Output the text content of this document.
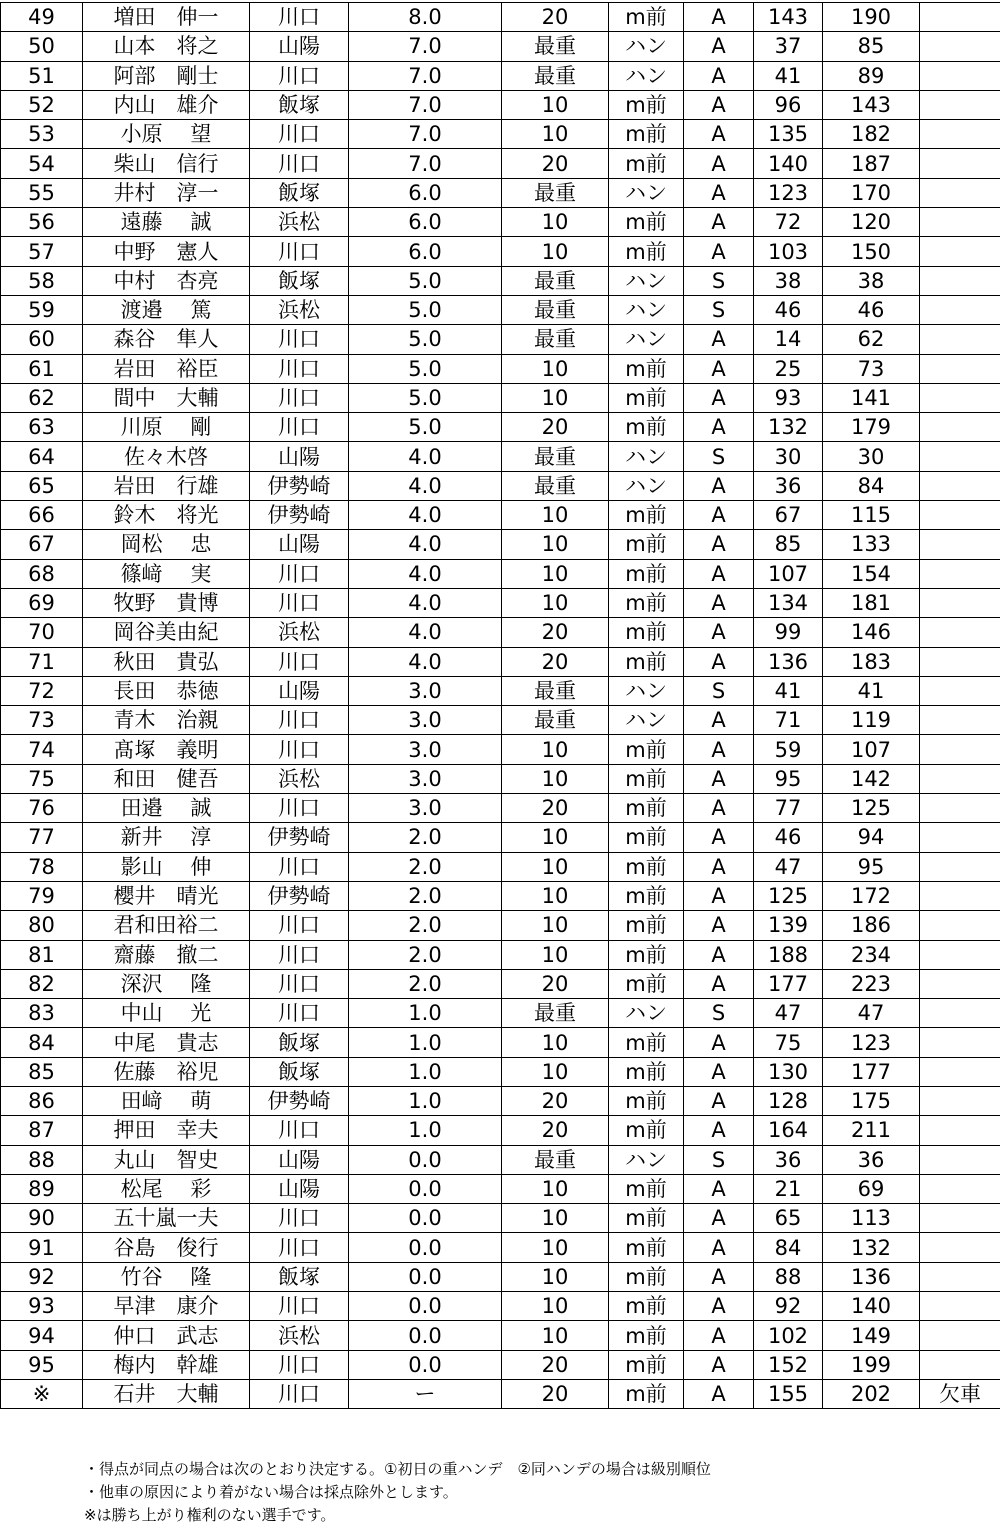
49	増田　伸一	川口	8.0	20	m前	A	143	190	
50	山本　将之	山陽	7.0	最重	ハン	A	37	85	
51	阿部　剛士	川口	7.0	最重	ハン	A	41	89	
52	内山　雄介	飯塚	7.0	10	m前	A	96	143	
53	小原　 望	川口	7.0	10	m前	A	135	182	
54	柴山　信行	川口	7.0	20	m前	A	140	187	
55	井村　淳一	飯塚	6.0	最重	ハン	A	123	170	
56	遠藤　 誠	浜松	6.0	10	m前	A	72	120	
57	中野　憲人	川口	6.0	10	m前	A	103	150	
58	中村　杏亮	飯塚	5.0	最重	ハン	S	38	38	
59	渡邉　 篤	浜松	5.0	最重	ハン	S	46	46	
60	森谷　隼人	川口	5.0	最重	ハン	A	14	62	
61	岩田　裕臣	川口	5.0	10	m前	A	25	73	
62	間中　大輔	川口	5.0	10	m前	A	93	141	
63	川原　 剛	川口	5.0	20	m前	A	132	179	
64	佐々木啓	山陽	4.0	最重	ハン	S	30	30	
65	岩田　行雄	伊勢崎	4.0	最重	ハン	A	36	84	
66	鈴木　将光	伊勢崎	4.0	10	m前	A	67	115	
67	岡松　 忠	山陽	4.0	10	m前	A	85	133	
68	篠﨑　 実	川口	4.0	10	m前	A	107	154	
69	牧野　貴博	川口	4.0	10	m前	A	134	181	
70	岡谷美由紀	浜松	4.0	20	m前	A	99	146	
71	秋田　貴弘	川口	4.0	20	m前	A	136	183	
72	長田　恭徳	山陽	3.0	最重	ハン	S	41	41	
73	青木　治親	川口	3.0	最重	ハン	A	71	119	
74	髙塚　義明	川口	3.0	10	m前	A	59	107	
75	和田　健吾	浜松	3.0	10	m前	A	95	142	
76	田邉　 誠	川口	3.0	20	m前	A	77	125	
77	新井　 淳	伊勢崎	2.0	10	m前	A	46	94	
78	影山　 伸	川口	2.0	10	m前	A	47	95	
79	櫻井　晴光	伊勢崎	2.0	10	m前	A	125	172	
80	君和田裕二	川口	2.0	10	m前	A	139	186	
81	齋藤　撤二	川口	2.0	10	m前	A	188	234	
82	深沢　 隆	川口	2.0	20	m前	A	177	223	
83	中山　 光	川口	1.0	最重	ハン	S	47	47	
84	中尾　貴志	飯塚	1.0	10	m前	A	75	123	
85	佐藤　裕児	飯塚	1.0	10	m前	A	130	177	
86	田﨑　 萌	伊勢崎	1.0	20	m前	A	128	175	
87	押田　幸夫	川口	1.0	20	m前	A	164	211	
88	丸山　智史	山陽	0.0	最重	ハン	S	36	36	
89	松尾　 彩	山陽	0.0	10	m前	A	21	69	
90	五十嵐一夫	川口	0.0	10	m前	A	65	113	
91	谷島　俊行	川口	0.0	10	m前	A	84	132	
92	竹谷　 隆	飯塚	0.0	10	m前	A	88	136	
93	早津　康介	川口	0.0	10	m前	A	92	140	
94	仲口　武志	浜松	0.0	10	m前	A	102	149	
95	梅内　幹雄	川口	0.0	20	m前	A	152	199	
※	石井　大輔	川口	ー	20	m前	A	155	202	欠車
・得点が同点の場合は次のとおり決定する。①初日の重ハンデ　②同ハンデの場合は級別順位
・他車の原因により着がない場合は採点除外とします。
※は勝ち上がり権利のない選手です。
